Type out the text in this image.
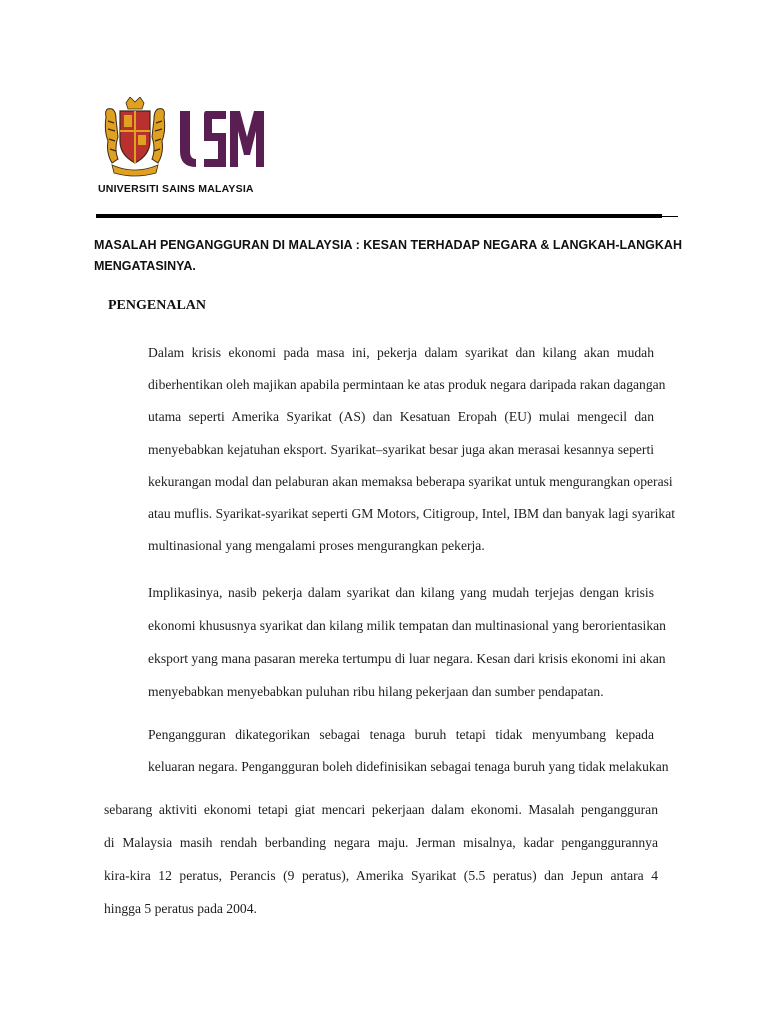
UNIVERSITI SAINS MALAYSIA
MASALAH PENGANGGURAN DI MALAYSIA : KESAN TERHADAP NEGARA & LANGKAH-LANGKAH MENGATASINYA.
PENGENALAN
Dalam krisis ekonomi pada masa ini, pekerja dalam syarikat dan kilang akan mudah
diberhentikan oleh majikan apabila permintaan ke atas produk negara daripada rakan dagangan
utama seperti Amerika Syarikat (AS) dan Kesatuan Eropah (EU) mulai mengecil dan
menyebabkan kejatuhan eksport. Syarikat–syarikat besar juga akan merasai kesannya seperti
kekurangan modal dan pelaburan akan memaksa beberapa syarikat untuk mengurangkan operasi
atau muflis. Syarikat-syarikat seperti GM Motors, Citigroup, Intel, IBM dan banyak lagi syarikat
multinasional yang mengalami proses mengurangkan pekerja.
Implikasinya, nasib pekerja dalam syarikat dan kilang yang mudah terjejas dengan krisis
ekonomi khususnya syarikat dan kilang milik tempatan dan multinasional yang berorientasikan
eksport yang mana pasaran mereka tertumpu di luar negara. Kesan dari krisis ekonomi ini akan
menyebabkan menyebabkan puluhan ribu hilang pekerjaan dan sumber pendapatan.
Pengangguran dikategorikan sebagai tenaga buruh tetapi tidak menyumbang kepada
keluaran negara. Pengangguran boleh didefinisikan sebagai tenaga buruh yang tidak melakukan
sebarang aktiviti ekonomi tetapi giat mencari pekerjaan dalam ekonomi. Masalah pengangguran
di Malaysia masih rendah berbanding negara maju. Jerman misalnya, kadar penganggurannya
kira-kira 12 peratus, Perancis (9 peratus), Amerika Syarikat (5.5 peratus) dan Jepun antara 4
hingga 5 peratus pada 2004.
